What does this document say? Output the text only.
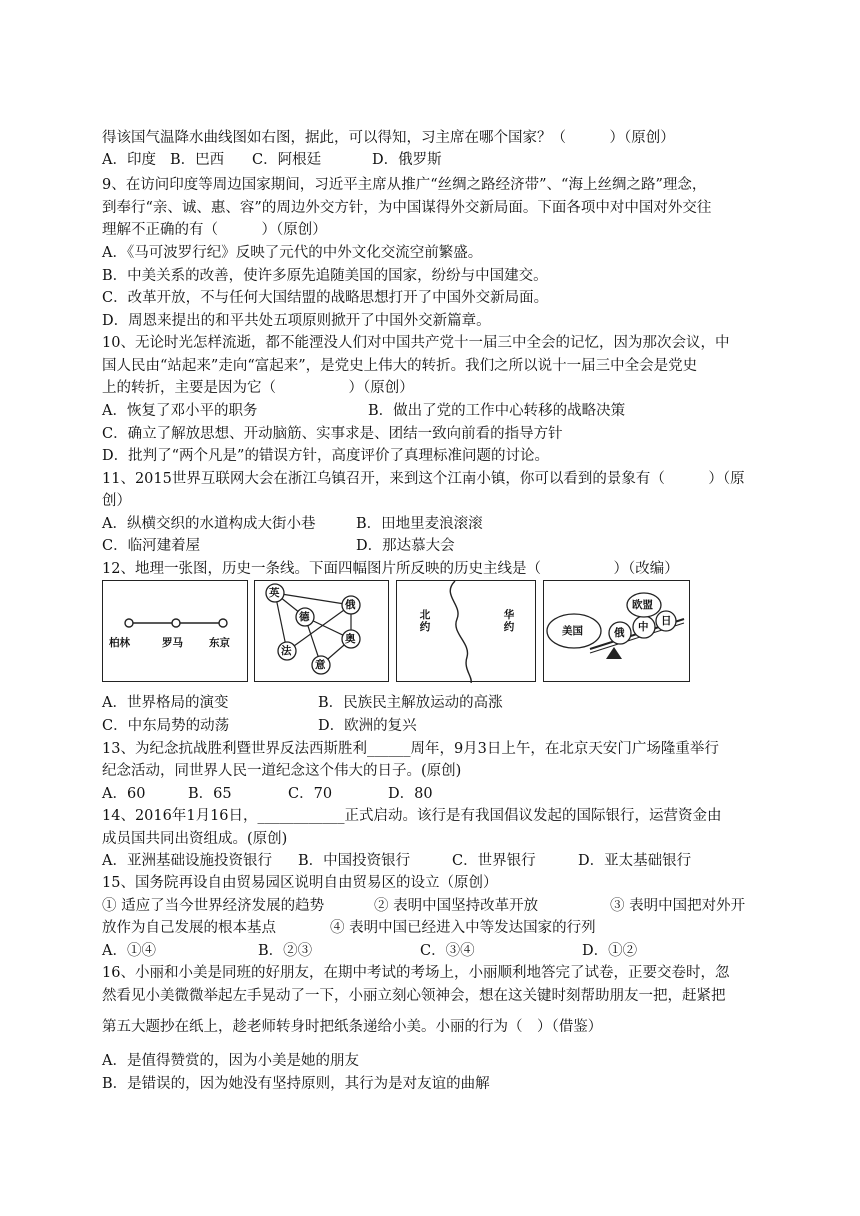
得该国气温降水曲线图如右图，据此，可以得知，习主席在哪个国家？（　　　）（原创）
A．印度 B．巴西 C．阿根廷	D．俄罗斯
9、在访问印度等周边国家期间，习近平主席从推广“丝绸之路经济带”、“海上丝绸之路”理念，
到奉行“亲、诚、惠、容”的周边外交方针，为中国谋得外交新局面。下面各项中对中国对外交往
理解不正确的有（　　　）（原创）
A．《马可波罗行纪》反映了元代的中外文化交流空前繁盛。
B．中美关系的改善，使许多原先追随美国的国家，纷纷与中国建交。
C．改革开放，不与任何大国结盟的战略思想打开了中国外交新局面。
D．周恩来提出的和平共处五项原则掀开了中国外交新篇章。
10、无论时光怎样流逝，都不能湮没人们对中国共产党十一届三中全会的记忆，因为那次会议，中
国人民由“站起来”走向“富起来”，是党史上伟大的转折。我们之所以说十一届三中全会是党史
上的转折，主要是因为它（　　　　　）（原创）
A．恢复了邓小平的职务	B．做出了党的工作中心转移的战略决策
C．确立了解放思想、开动脑筋、实事求是、团结一致向前看的指导方针
D．批判了“两个凡是”的错误方针，高度评价了真理标准问题的讨论。
11、2015世界互联网大会在浙江乌镇召开，来到这个江南小镇，你可以看到的景象有（　　　）（原
创）
A．纵横交织的水道构成大街小巷	B．田地里麦浪滚滚
C．临河建着屋	D．那达慕大会
12、地理一张图，历史一条线。下面四幅图片所反映的历史主线是（　　　　　）（改编）
柏林	罗马 东京
英
俄
德
法
奥
意
北约
华约	美国
欧盟
俄 中 日
A．世界格局的演变	B．民族民主解放运动的高涨
C．中东局势的动荡	D．欧洲的复兴
13、为纪念抗战胜利暨世界反法西斯胜利______周年，9月3日上午，在北京天安门广场隆重举行
纪念活动，同世界人民一道纪念这个伟大的日子。(原创)
A．60	B．65	C．70	D．80
14、2016年1月16日，____________正式启动。该行是有我国倡议发起的国际银行，运营资金由
成员国共同出资组成。(原创)
A．亚洲基础设施投资银行 B．中国投资银行	C．世界银行	D．亚太基础银行
15、国务院再设自由贸易园区说明自由贸易区的设立（原创）
① 适应了当今世界经济发展的趋势	② 表明中国坚持改革开放	③ 表明中国把对外开
放作为自己发展的根本基点	④ 表明中国已经进入中等发达国家的行列
A．①④	B．②③	C．③④	D．①②
16、小丽和小美是同班的好朋友，在期中考试的考场上，小丽顺利地答完了试卷，正要交卷时，忽
然看见小美微微举起左手晃动了一下，小丽立刻心领神会，想在这关键时刻帮助朋友一把，赶紧把
第五大题抄在纸上，趁老师转身时把纸条递给小美。小丽的行为（　）（借鉴）
A．是值得赞赏的，因为小美是她的朋友
B．是错误的，因为她没有坚持原则，其行为是对友谊的曲解
